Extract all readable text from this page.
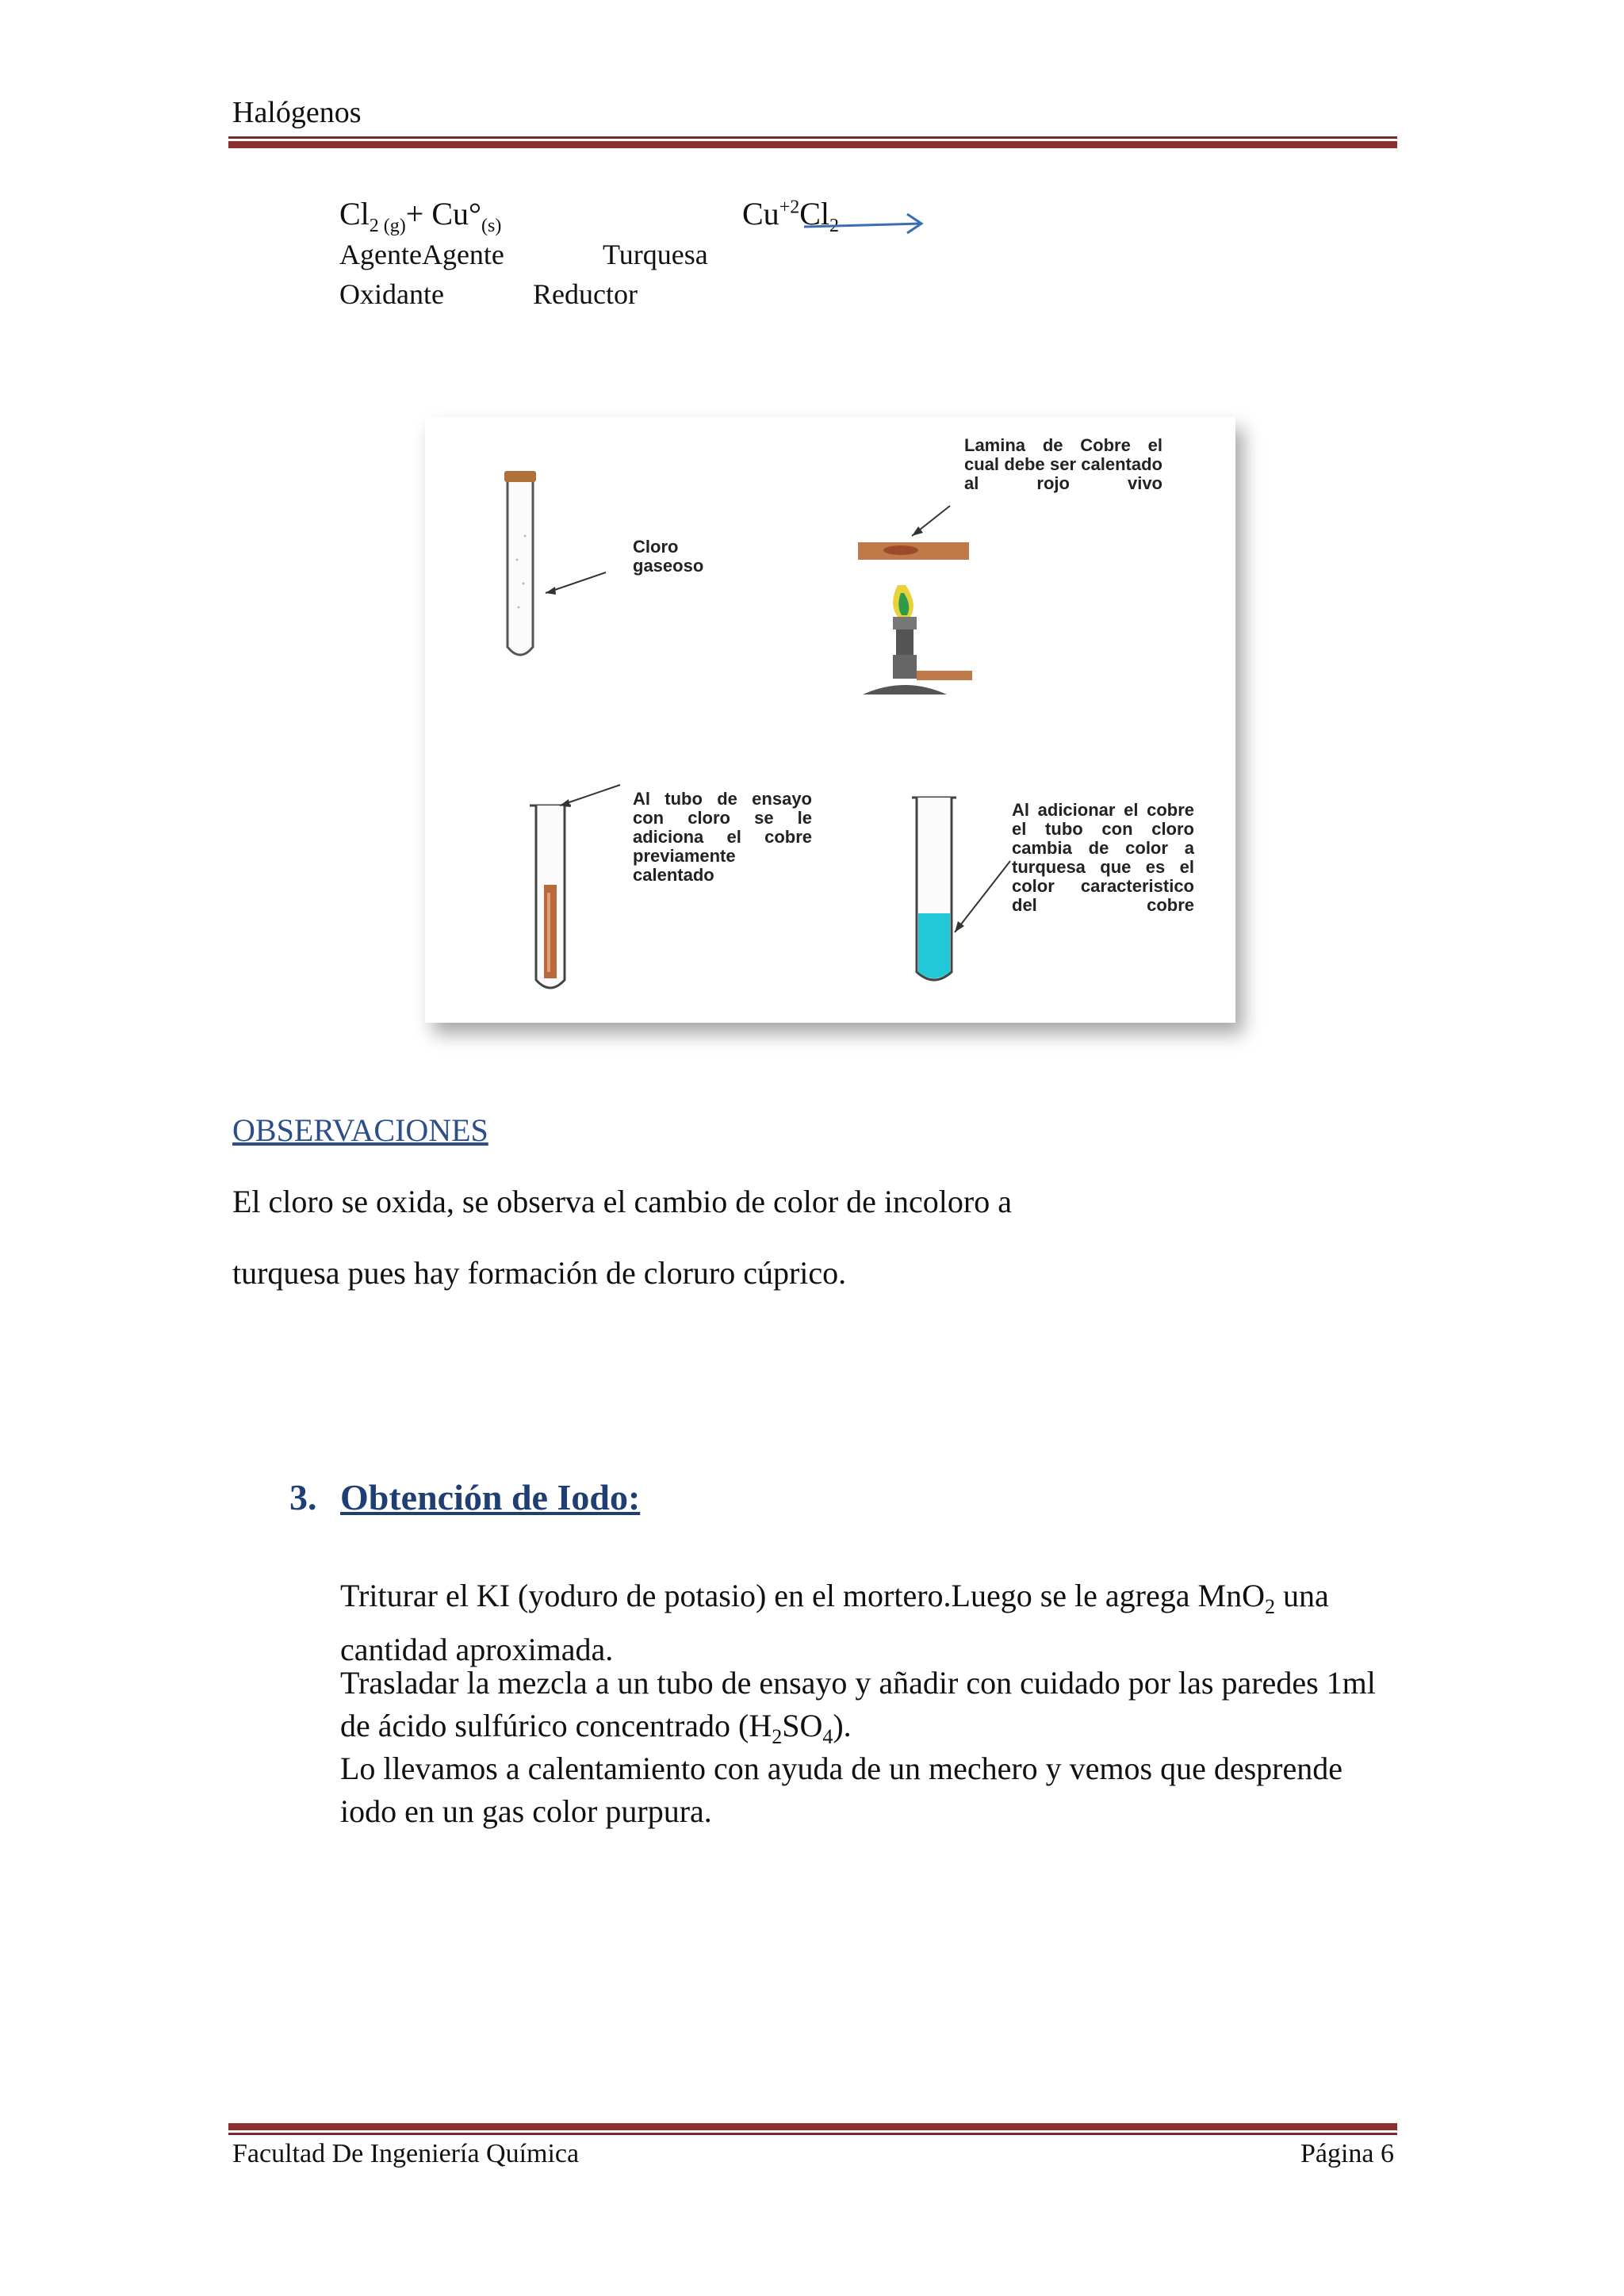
Halógenos
$Cl_{2 (g)}+ Cu^\circ_{(s)}$	$Cu^{+2}Cl$
AgenteAgente	Turquesa
Oxidante	Reductor
Cloro
gaseoso
Lamina de Cobre el cual debe ser calentado al rojo vivo
Al tubo de ensayo con cloro se le adiciona el cobre previamente calentado
Al adicionar el cobre el tubo con cloro cambia de color a turquesa que es el color caracteristico del cobre
OBSERVACIONES
El cloro se oxida, se observa el cambio de color de incoloro a
turquesa pues hay formación de cloruro cúprico.
3. Obtención de Iodo:
Triturar el KI (yoduro de potasio) en el mortero.Luego se le agrega MnO$_2$ una cantidad aproximada.
Trasladar la mezcla a un tubo de ensayo y añadir con cuidado por las paredes 1ml de ácido sulfúrico concentrado $(H_2SO_4)$.
Lo llevamos a calentamiento con ayuda de un mechero y vemos que desprende iodo en un gas color purpura.
Facultad De Ingeniería Química	Página 6
